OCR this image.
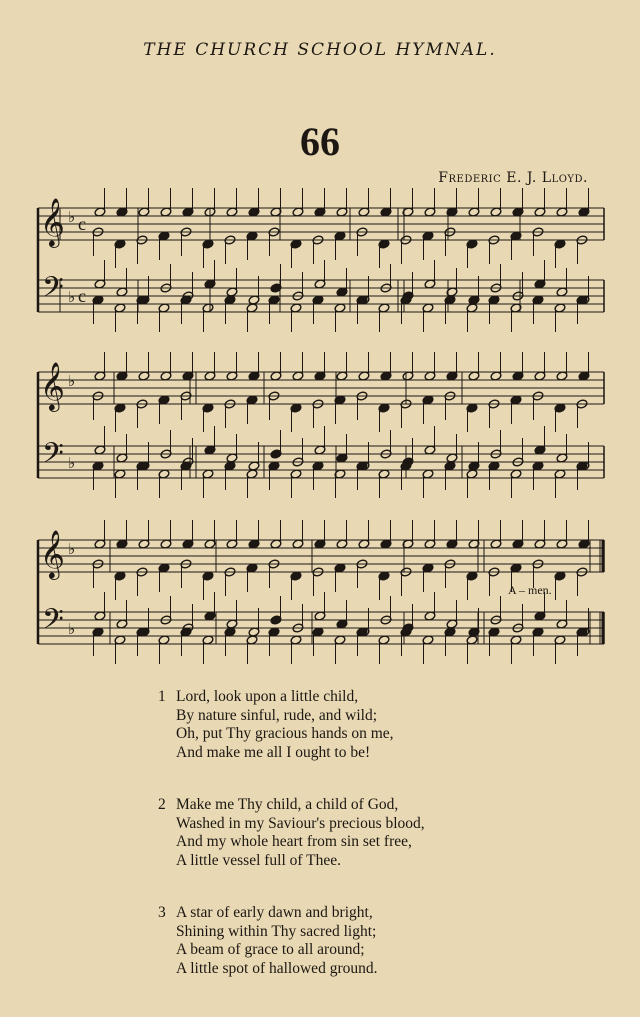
THE CHURCH SCHOOL HYMNAL.
66
Frederic E. J. Lloyd.
𝄞
𝄢
♭
♭
c
c
𝄞
𝄢
♭
♭
𝄞
𝄢
♭
♭
A – men.
1 Lord, look upon a little child,
By nature sinful, rude, and wild;
Oh, put Thy gracious hands on me,
And make me all I ought to be!
2 Make me Thy child, a child of God,
Washed in my Saviour's precious blood,
And my whole heart from sin set free,
A little vessel full of Thee.
3 A star of early dawn and bright,
Shining within Thy sacred light;
A beam of grace to all around;
A little spot of hallowed ground.
